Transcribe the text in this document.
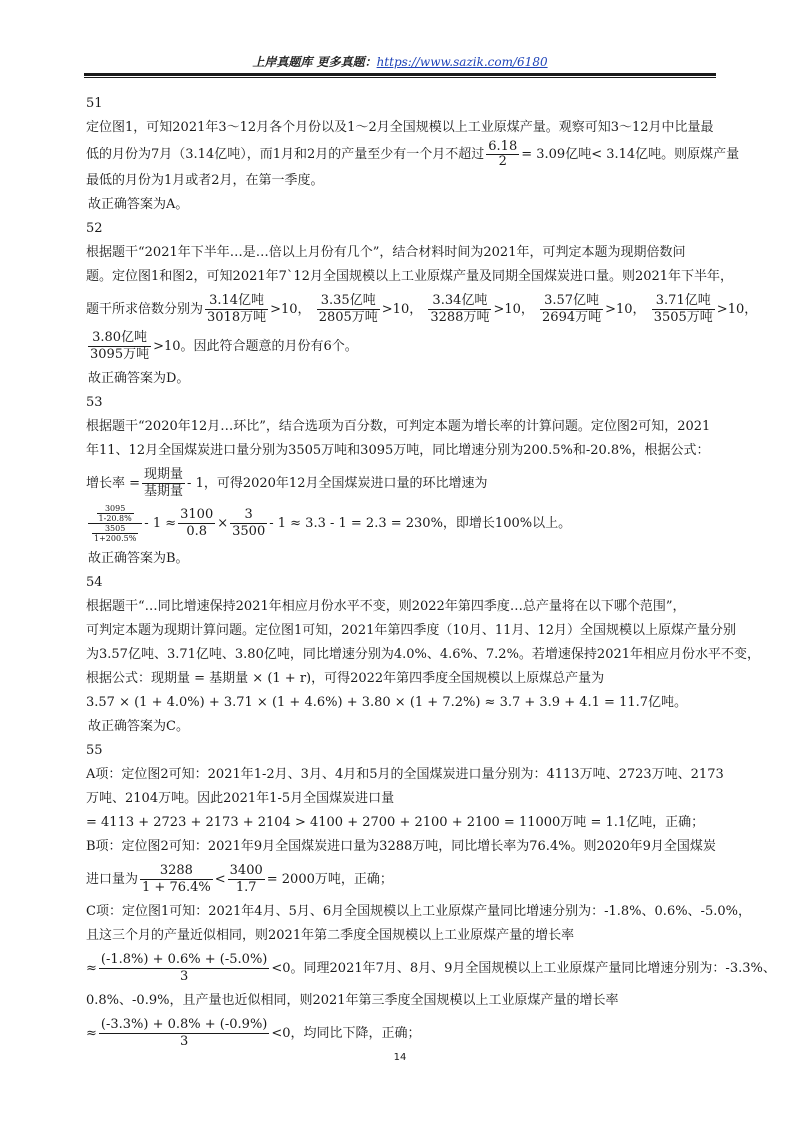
上岸真题库 更多真题：https://www.sazik.com/6180
51
定位图1，可知2021年3～12月各个月份以及1～2月全国规模以上工业原煤产量。观察可知3～12月中比量最
低的月份为7月（3.14亿吨），而1月和2月的产量至少有一个月不超过 $\frac{6.18}{2} = 3.09$亿吨< 3.14亿吨。则原煤产量
最低的月份为1月或者2月，在第一季度。
故正确答案为A。
52
根据题干“2021年下半年…是…倍以上月份有几个”，结合材料时间为2021年，可判定本题为现期倍数问
题。定位图1和图2，可知2021年7`12月全国规模以上工业原煤产量及同期全国煤炭进口量。则2021年下半年，
题干所求倍数分别为 $\frac{\text{3.14亿吨}}{\text{3018万吨}} >10$， $\frac{\text{3.35亿吨}}{\text{2805万吨}} >10$， $\frac{\text{3.34亿吨}}{\text{3288万吨}} >10$， $\frac{\text{3.57亿吨}}{\text{2694万吨}} >10$， $\frac{\text{3.71亿吨}}{\text{3505万吨}} >10$，
$\frac{\text{3.80亿吨}}{\text{3095万吨}} >10$。因此符合题意的月份有6个。
故正确答案为D。
53
根据题干“2020年12月…环比”，结合选项为百分数，可判定本题为增长率的计算问题。定位图2可知，2021
年11、12月全国煤炭进口量分别为3505万吨和3095万吨，同比增速分别为200.5%和-20.8%，根据公式：
增长率 = $\frac{\text{现期量}}{\text{基期量}} - 1$，可得2020年12月全国煤炭进口量的环比增速为
$\frac{\frac{3095}{1-20.8\%}}{\frac{3505}{1+200.5\%}} - 1 \approx \frac{3100}{0.8} \times \frac{3}{3500} - 1 \approx 3.3 - 1 = 2.3 = 230\%$，即增长100%以上。
故正确答案为B。
54
根据题干“…同比增速保持2021年相应月份水平不变，则2022年第四季度…总产量将在以下哪个范围”，
可判定本题为现期计算问题。定位图1可知，2021年第四季度（10月、11月、12月）全国规模以上原煤产量分别
为3.57亿吨、3.71亿吨、3.80亿吨，同比增速分别为4.0%、4.6%、7.2%。若增速保持2021年相应月份水平不变，
根据公式：现期量 = 基期量 × (1 + r)，可得2022年第四季度全国规模以上原煤总产量为
3.57 × (1 + 4.0%) + 3.71 × (1 + 4.6%) + 3.80 × (1 + 7.2%) ≈ 3.7 + 3.9 + 4.1 = 11.7亿吨。
故正确答案为C。
55
A项：定位图2可知：2021年1-2月、3月、4月和5月的全国煤炭进口量分别为：4113万吨、2723万吨、2173
万吨、2104万吨。因此2021年1-5月全国煤炭进口量
= 4113 + 2723 + 2173 + 2104 > 4100 + 2700 + 2100 + 2100 = 11000万吨 = 1.1亿吨，正确；
B项：定位图2可知：2021年9月全国煤炭进口量为3288万吨，同比增长率为76.4%。则2020年9月全国煤炭
进口量为 $\frac{3288}{1 + 76.4\%} < \frac{3400}{1.7} = 2000$万吨，正确；
C项：定位图1可知：2021年4月、5月、6月全国规模以上工业原煤产量同比增速分别为：-1.8%、0.6%、-5.0%，
且这三个月的产量近似相同，则2021年第二季度全国规模以上工业原煤产量的增长率
≈ $\frac{(-1.8\%) + 0.6\% + (-5.0\%)}{3} <0$。同理2021年7月、8月、9月全国规模以上工业原煤产量同比增速分别为：-3.3%、
0.8%、-0.9%，且产量也近似相同，则2021年第三季度全国规模以上工业原煤产量的增长率
≈ $\frac{(-3.3\%) + 0.8\% + (-0.9\%)}{3} <0$，均同比下降，正确；
14
